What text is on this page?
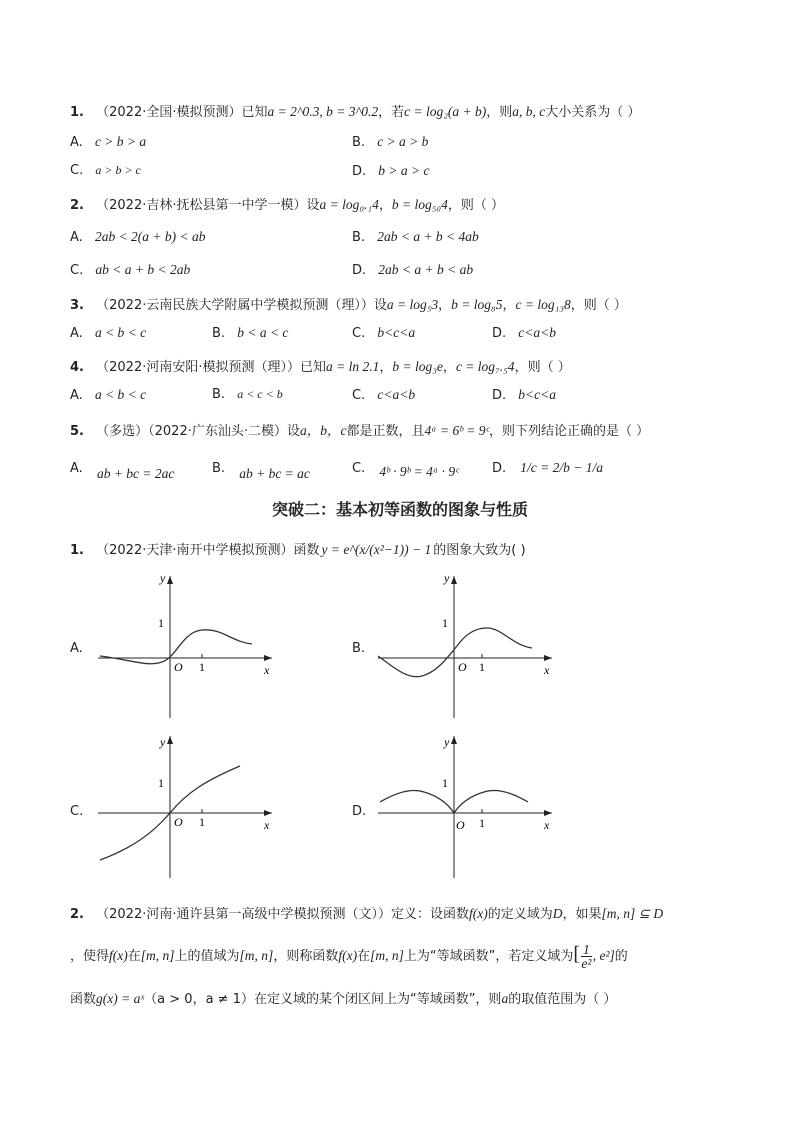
1. （2022·全国·模拟预测）已知a = 2^0.3, b = 3^0.2，若c = log₂(a + b)，则a, b, c大小关系为（ ）
A. c > b > a	B. c > a > b
C. a > b > c	D. b > a > c
2. （2022·吉林·抚松县第一中学一模）设a = log₀.₁4，b = log₅₀4，则（ ）
A. 2ab < 2(a + b) < ab	B. 2ab < a + b < 4ab
C. ab < a + b < 2ab	D. 2ab < a + b < ab
3. （2022·云南民族大学附属中学模拟预测（理））设a = log₅3，b = log₈5，c = log₁₃8，则（ ）
A. a < b < c	B. b < a < c	C. b<c<a	D. c<a<b
4. （2022·河南安阳·模拟预测（理））已知a = ln 2.1，b = log₃e，c = log₇.₅4，则（ ）
A. a < b < c	B. a < c < b	C. c<a<b	D. b<c<a
5. （多选）（2022·广东汕头·二模）设a，b，c都是正数，且4ᵃ = 6ᵇ = 9ᶜ，则下列结论正确的是（ ）
A. ab + bc = 2ac	B. ab + bc = ac	C. 4ᵇ · 9ᵇ = 4ᵃ · 9ᶜ	D. 1/c = 2/b − 1/a
突破二：基本初等函数的图象与性质
1. （2022·天津·南开中学模拟预测）函数 y = e^(x/(x²−1)) − 1 的图象大致为( )
A.
y
x
O 1
1
B.
y
x
O 1
1
C.
y
x
O 1
1
D.
y
x
O 1
1
2. （2022·河南·通许县第一高级中学模拟预测（文））定义：设函数f(x)的定义域为D，如果[m, n] ⊆ D
，使得f(x)在[m, n]上的值域为[m, n]，则称函数f(x)在[m, n]上为“等域函数”，若定义域为[ $\frac{1}{\text{e²}}$ , e²]的
函数g(x) = aˣ（a > 0，a ≠ 1）在定义域的某个闭区间上为“等域函数”，则a的取值范围为（ ）
